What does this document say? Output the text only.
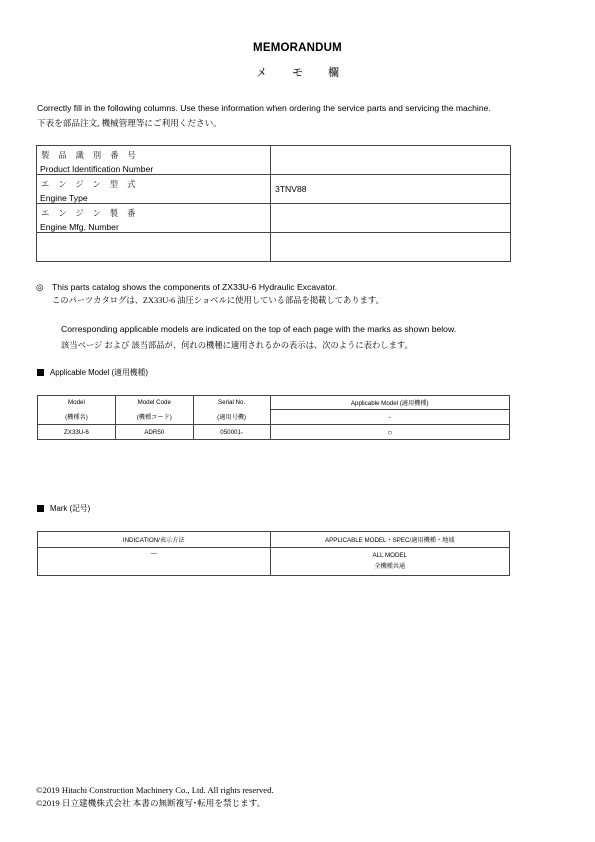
MEMORANDUM
メモ欄
Correctly fill in the following columns. Use these information when ordering the service parts and servicing the machine.
下表を部品注文, 機械管理等にご利用ください。
製品識別番号
Product Identification Number	

エンジン型式
Engine Type	3TNV88

エンジン製番
Engine Mfg. Number	

◎ This parts catalog shows the components of ZX33U-6 Hydraulic Excavator.
このパーツカタログは、ZX33U-6 油圧ショベルに使用している部品を掲載してあります。
Corresponding applicable models are indicated on the top of each page with the marks as shown below.
該当ページ および 該当部品が、何れの機種に適用されるかの表示は、次のように表わします。
Applicable Model (適用機種)
Model	Model Code	Serial No.	Applicable Model (適用機種)
(機種名)	(機種コード)	(適用号機)	-
ZX33U-6	ADR50	050001-	○
Mark (記号)
INDICATION/表示方法	APPLICABLE MODEL・SPEC/適用機種・地域
—	ALL MODEL
全機種共通
©2019 Hitachi Construction Machinery Co., Ltd. All rights reserved.
©2019 日立建機株式会社 本書の無断複写･転用を禁じます。
